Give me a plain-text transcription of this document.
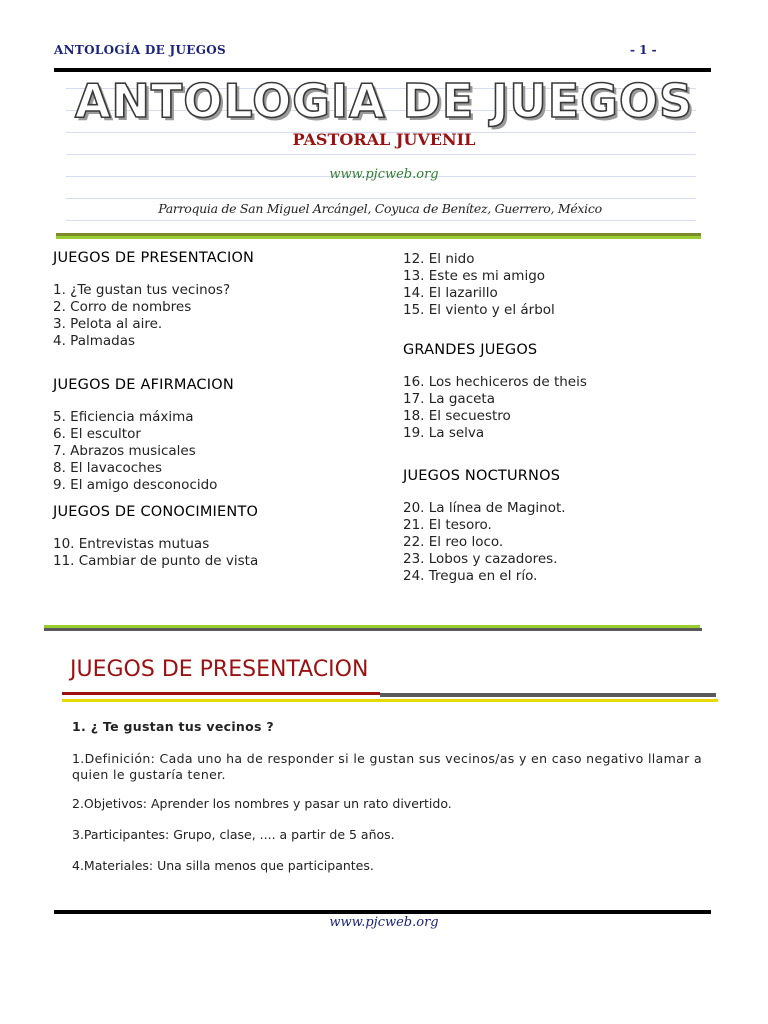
ANTOLOGÍA DE JUEGOS	- 1 -
ANTOLOGIA DE JUEGOS
PASTORAL JUVENIL
www.pjcweb.org
Parroquia de San Miguel Arcángel, Coyuca de Benítez, Guerrero, México
JUEGOS DE PRESENTACION
1. ¿Te gustan tus vecinos?
2. Corro de nombres
3. Pelota al aire.
4. Palmadas
JUEGOS DE AFIRMACION
5. Eficiencia máxima
6. El escultor
7. Abrazos musicales
8. El lavacoches
9. El amigo desconocido
JUEGOS DE CONOCIMIENTO
10. Entrevistas mutuas
11. Cambiar de punto de vista
12. El nido
13. Este es mi amigo
14. El lazarillo
15. El viento y el árbol
GRANDES JUEGOS
16. Los hechiceros de theis
17. La gaceta
18. El secuestro
19. La selva
JUEGOS NOCTURNOS
20. La línea de Maginot.
21. El tesoro.
22. El reo loco.
23. Lobos y cazadores.
24. Tregua en el río.
JUEGOS DE PRESENTACION
1. ¿ Te gustan tus vecinos ?
1.Definición: Cada uno ha de responder si le gustan sus vecinos/as y en caso negativo llamar a quien le gustaría tener.
2.Objetivos: Aprender los nombres y pasar un rato divertido.
3.Participantes: Grupo, clase, .... a partir de 5 años.
4.Materiales: Una silla menos que participantes.
www.pjcweb.org
